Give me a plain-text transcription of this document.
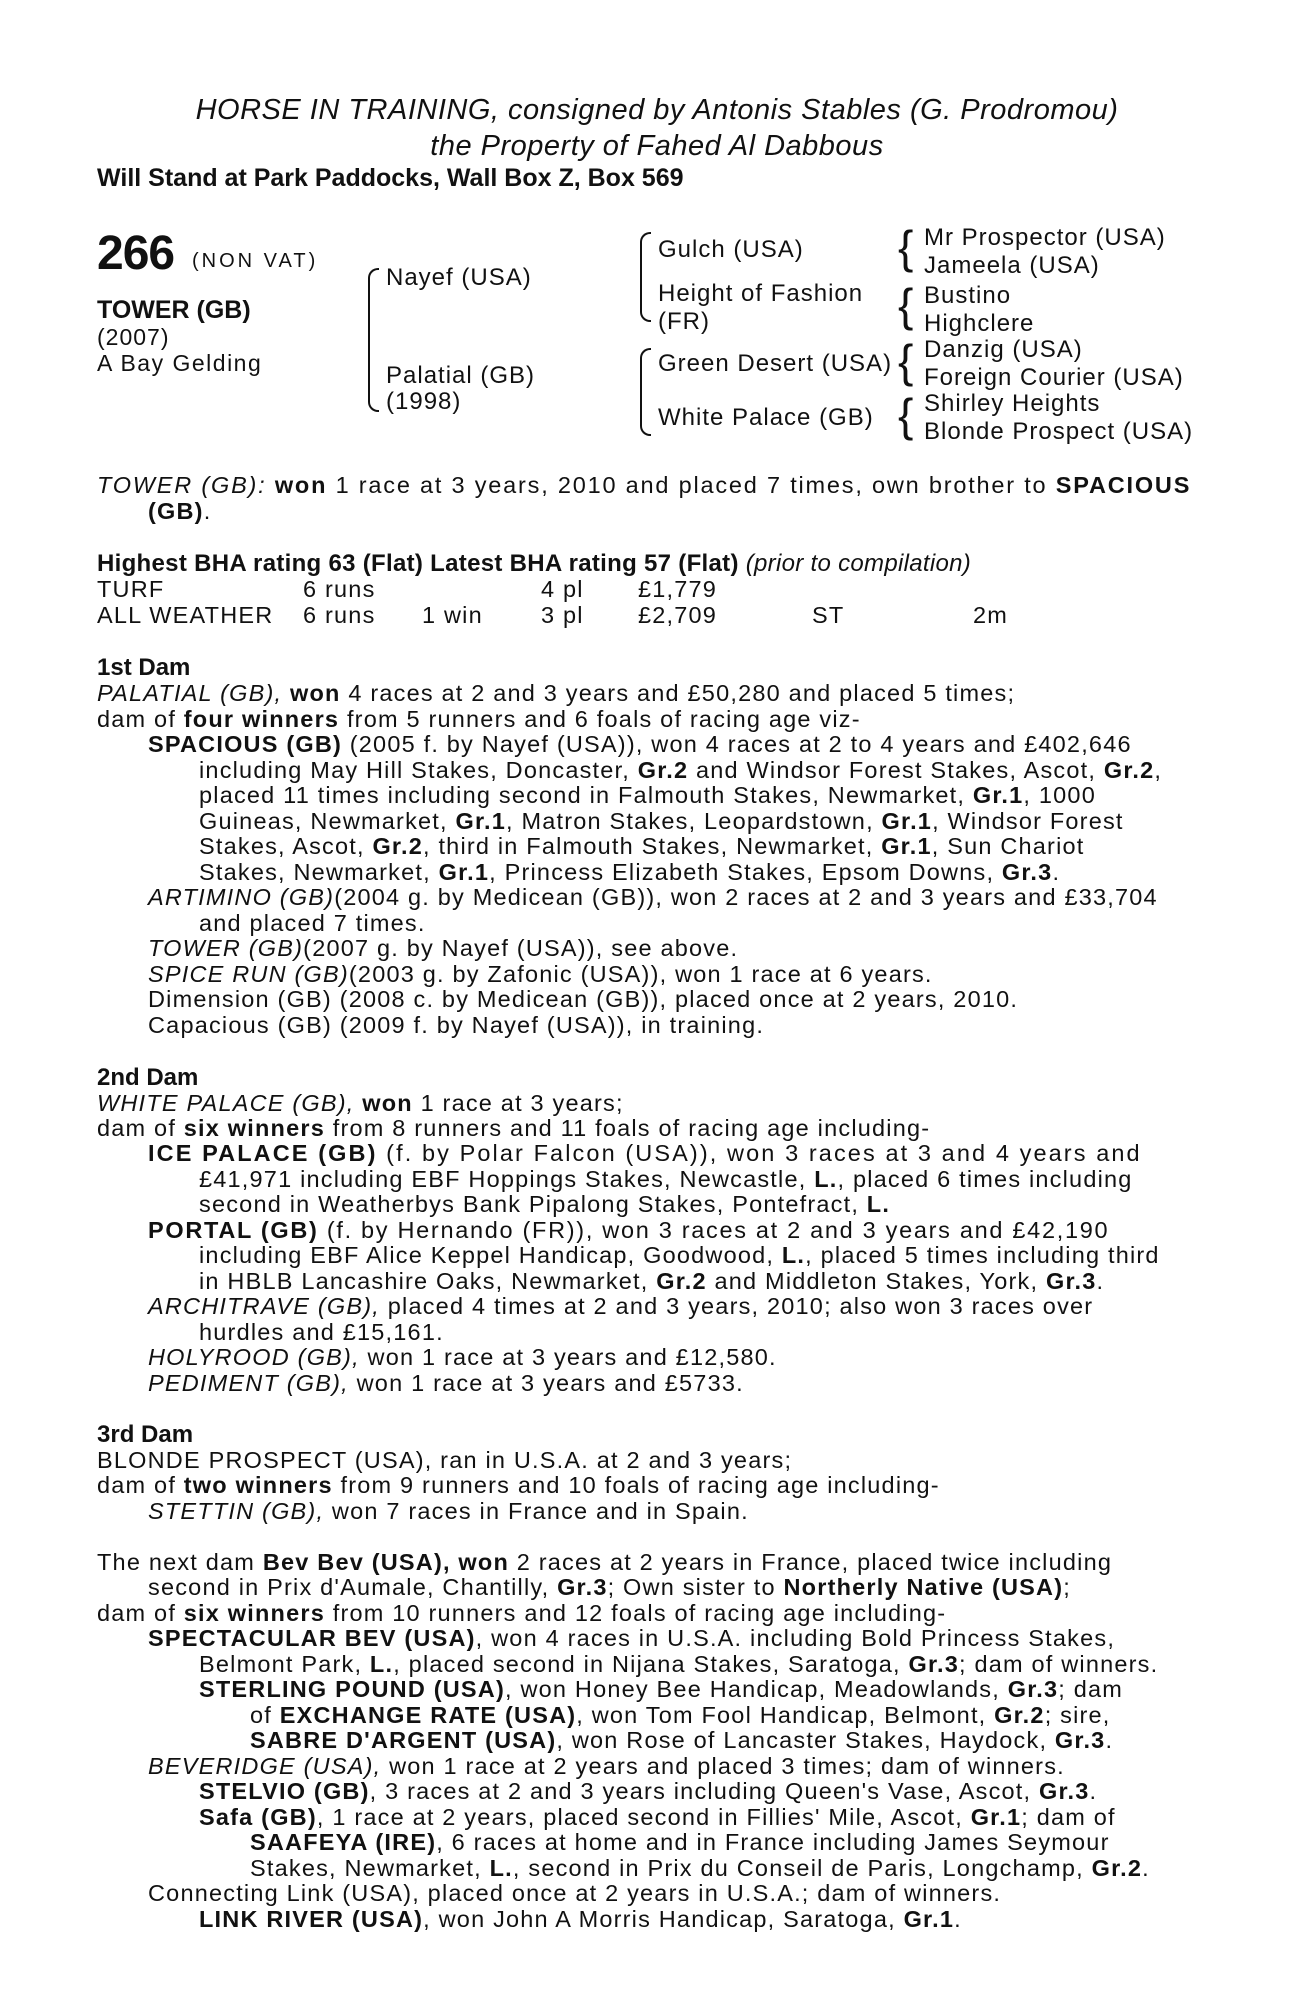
HORSE IN TRAINING, consigned by Antonis Stables (G. Prodromou)
the Property of Fahed Al Dabbous
Will Stand at Park Paddocks, Wall Box Z, Box 569
266 (NON VAT)
TOWER (GB)
(2007)
A Bay Gelding
Nayef (USA)
Palatial (GB)
(1998)
Gulch (USA)
Height of Fashion
(FR)
Green Desert (USA)
White Palace (GB)
{ Mr Prospector (USA)
Jameela (USA)
{ Bustino
Highclere
{ Danzig (USA)
Foreign Courier (USA)
{ Shirley Heights
Blonde Prospect (USA)
TOWER (GB): won 1 race at 3 years, 2010 and placed 7 times, own brother to SPACIOUS
(GB).
Highest BHA rating 63 (Flat) Latest BHA rating 57 (Flat) (prior to compilation)
TURF	6 runs	4 pl £1,779
ALL WEATHER 6 runs 1 win 3 pl £2,709	ST	2m
1st Dam
PALATIAL (GB), won 4 races at 2 and 3 years and £50,280 and placed 5 times;
dam of four winners from 5 runners and 6 foals of racing age viz-
SPACIOUS (GB) (2005 f. by Nayef (USA)), won 4 races at 2 to 4 years and £402,646
including May Hill Stakes, Doncaster, Gr.2 and Windsor Forest Stakes, Ascot, Gr.2,
placed 11 times including second in Falmouth Stakes, Newmarket, Gr.1, 1000
Guineas, Newmarket, Gr.1, Matron Stakes, Leopardstown, Gr.1, Windsor Forest
Stakes, Ascot, Gr.2, third in Falmouth Stakes, Newmarket, Gr.1, Sun Chariot
Stakes, Newmarket, Gr.1, Princess Elizabeth Stakes, Epsom Downs, Gr.3.
ARTIMINO (GB)(2004 g. by Medicean (GB)), won 2 races at 2 and 3 years and £33,704
and placed 7 times.
TOWER (GB)(2007 g. by Nayef (USA)), see above.
SPICE RUN (GB)(2003 g. by Zafonic (USA)), won 1 race at 6 years.
Dimension (GB) (2008 c. by Medicean (GB)), placed once at 2 years, 2010.
Capacious (GB) (2009 f. by Nayef (USA)), in training.
2nd Dam
WHITE PALACE (GB), won 1 race at 3 years;
dam of six winners from 8 runners and 11 foals of racing age including-
ICE PALACE (GB) (f. by Polar Falcon (USA)), won 3 races at 3 and 4 years and
£41,971 including EBF Hoppings Stakes, Newcastle, L., placed 6 times including
second in Weatherbys Bank Pipalong Stakes, Pontefract, L.
PORTAL (GB) (f. by Hernando (FR)), won 3 races at 2 and 3 years and £42,190
including EBF Alice Keppel Handicap, Goodwood, L., placed 5 times including third
in HBLB Lancashire Oaks, Newmarket, Gr.2 and Middleton Stakes, York, Gr.3.
ARCHITRAVE (GB), placed 4 times at 2 and 3 years, 2010; also won 3 races over
hurdles and £15,161.
HOLYROOD (GB), won 1 race at 3 years and £12,580.
PEDIMENT (GB), won 1 race at 3 years and £5733.
3rd Dam
BLONDE PROSPECT (USA), ran in U.S.A. at 2 and 3 years;
dam of two winners from 9 runners and 10 foals of racing age including-
STETTIN (GB), won 7 races in France and in Spain.
The next dam Bev Bev (USA), won 2 races at 2 years in France, placed twice including
second in Prix d'Aumale, Chantilly, Gr.3; Own sister to Northerly Native (USA);
dam of six winners from 10 runners and 12 foals of racing age including-
SPECTACULAR BEV (USA), won 4 races in U.S.A. including Bold Princess Stakes,
Belmont Park, L., placed second in Nijana Stakes, Saratoga, Gr.3; dam of winners.
STERLING POUND (USA), won Honey Bee Handicap, Meadowlands, Gr.3; dam
of EXCHANGE RATE (USA), won Tom Fool Handicap, Belmont, Gr.2; sire,
SABRE D'ARGENT (USA), won Rose of Lancaster Stakes, Haydock, Gr.3.
BEVERIDGE (USA), won 1 race at 2 years and placed 3 times; dam of winners.
STELVIO (GB), 3 races at 2 and 3 years including Queen's Vase, Ascot, Gr.3.
Safa (GB), 1 race at 2 years, placed second in Fillies' Mile, Ascot, Gr.1; dam of
SAAFEYA (IRE), 6 races at home and in France including James Seymour
Stakes, Newmarket, L., second in Prix du Conseil de Paris, Longchamp, Gr.2.
Connecting Link (USA), placed once at 2 years in U.S.A.; dam of winners.
LINK RIVER (USA), won John A Morris Handicap, Saratoga, Gr.1.
